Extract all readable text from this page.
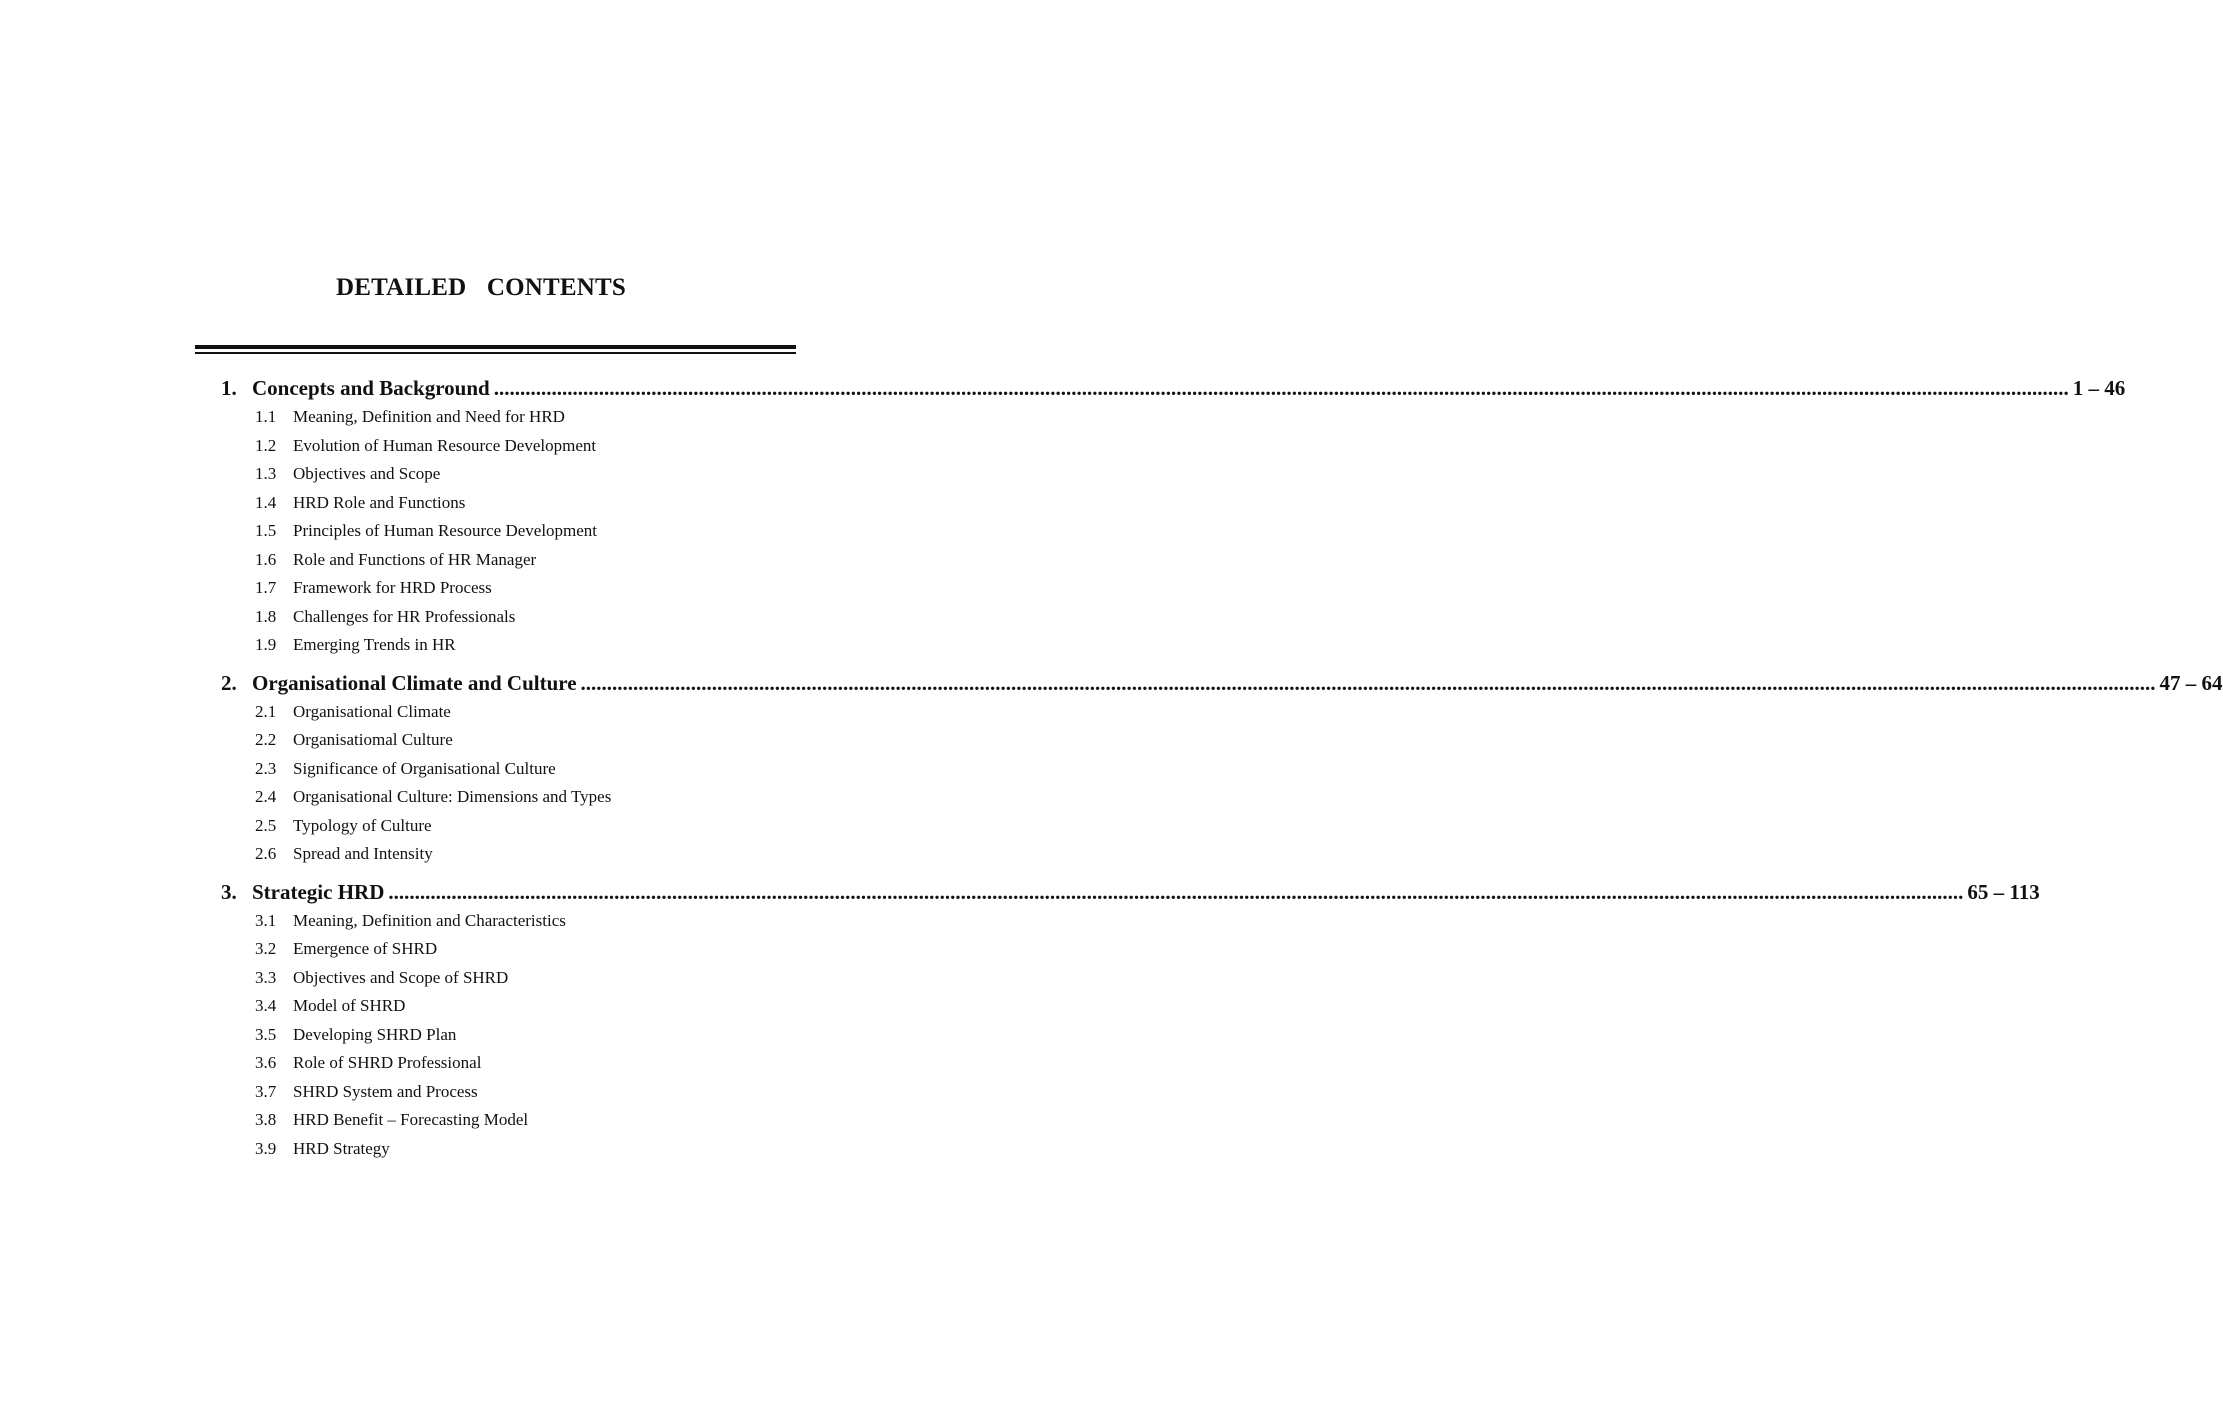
DETAILED CONTENTS
1. Concepts and Background ............................................................................................................................................................................................................................................................................................................ 1 – 46
1.1 Meaning, Definition and Need for HRD
1.2 Evolution of Human Resource Development
1.3 Objectives and Scope
1.4 HRD Role and Functions
1.5 Principles of Human Resource Development
1.6 Role and Functions of HR Manager
1.7 Framework for HRD Process
1.8 Challenges for HR Professionals
1.9 Emerging Trends in HR
2. Organisational Climate and Culture ............................................................................................................................................................................................................................................................................................................ 47 – 64
2.1 Organisational Climate
2.2 Organisatiomal Culture
2.3 Significance of Organisational Culture
2.4 Organisational Culture: Dimensions and Types
2.5 Typology of Culture
2.6 Spread and Intensity
3. Strategic HRD ............................................................................................................................................................................................................................................................................................................ 65 – 113
3.1 Meaning, Definition and Characteristics
3.2 Emergence of SHRD
3.3 Objectives and Scope of SHRD
3.4 Model of SHRD
3.5 Developing SHRD Plan
3.6 Role of SHRD Professional
3.7 SHRD System and Process
3.8 HRD Benefit – Forecasting Model
3.9 HRD Strategy
